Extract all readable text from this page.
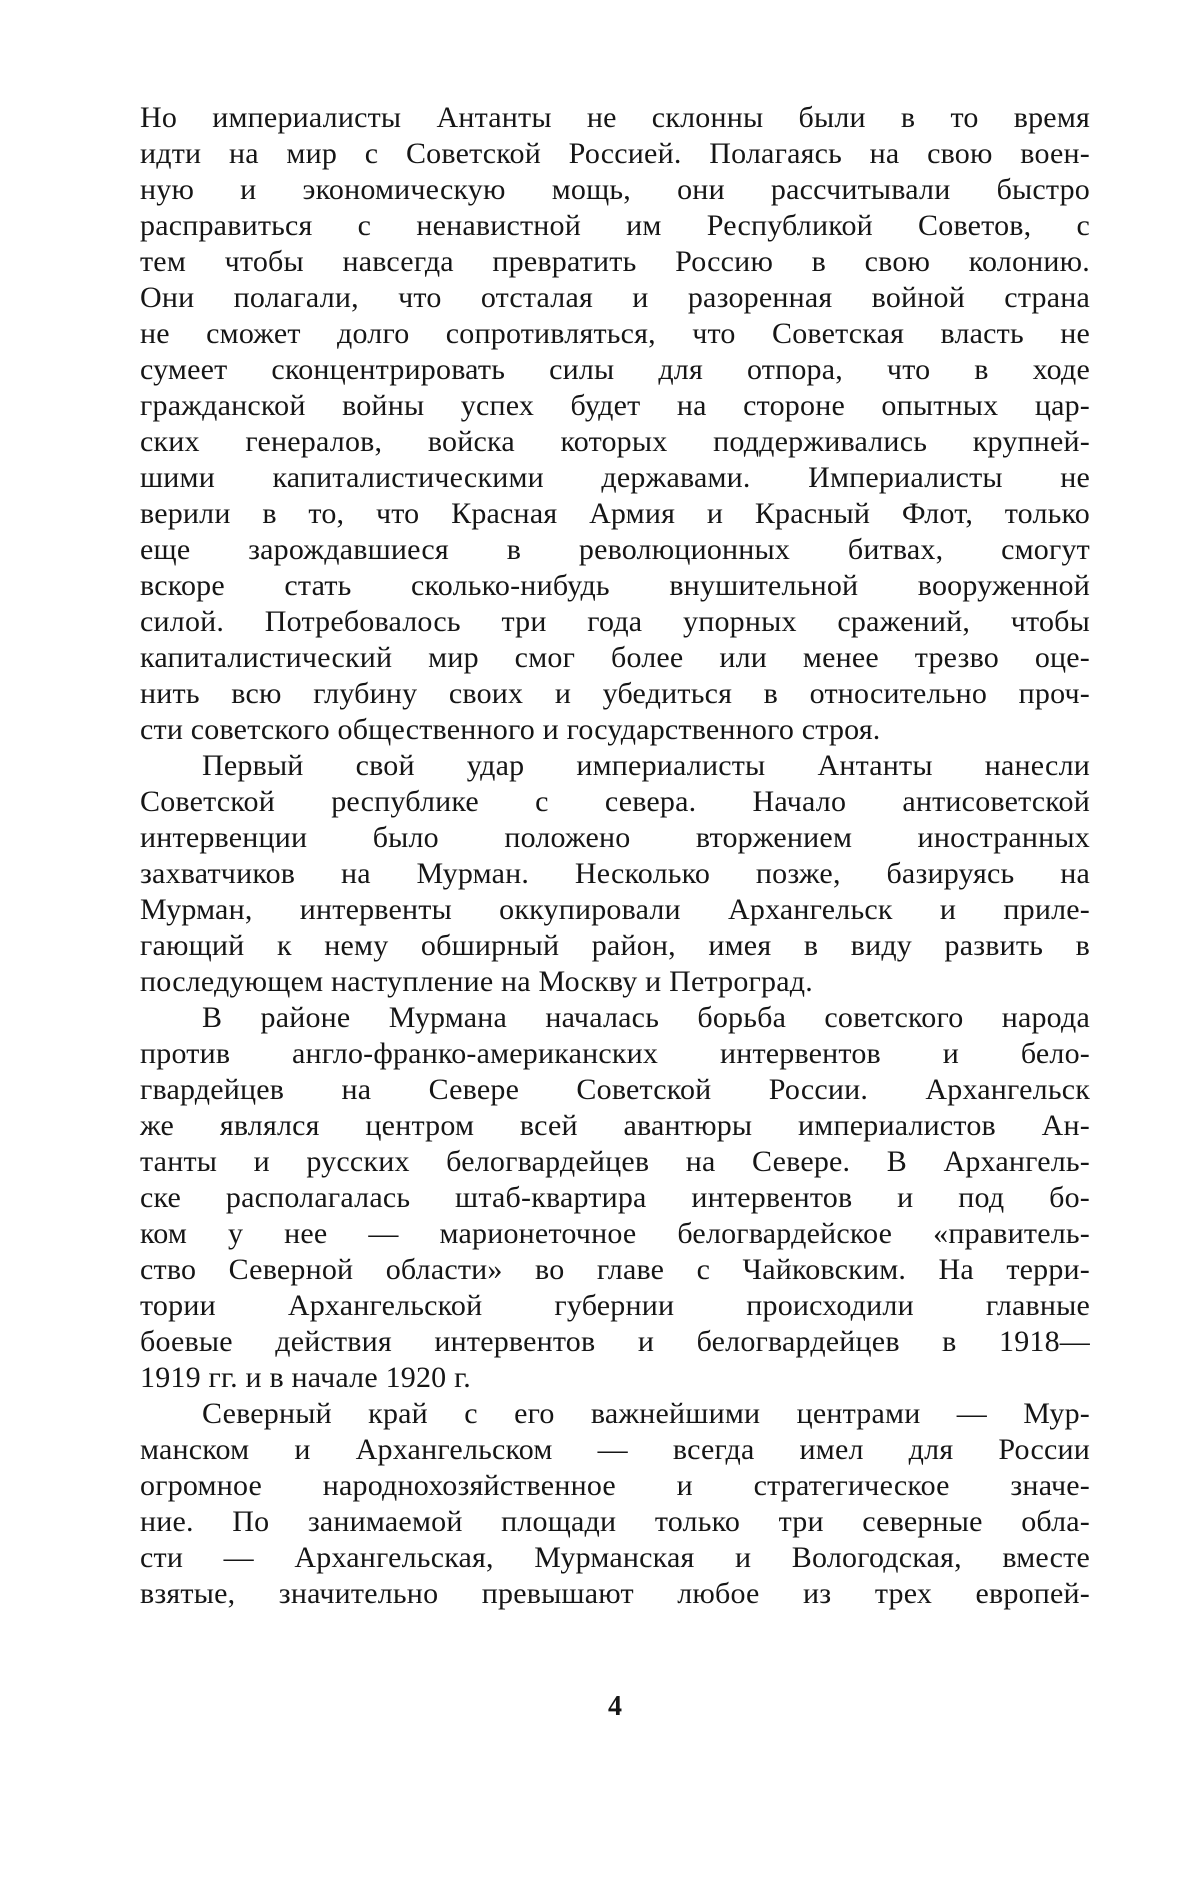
Но империалисты Антанты не склонны были в то время
идти на мир с Советской Россией. Полагаясь на свою воен-
ную и экономическую мощь, они рассчитывали быстро
расправиться с ненавистной им Республикой Советов, с
тем чтобы навсегда превратить Россию в свою колонию.
Они полагали, что отсталая и разоренная войной страна
не сможет долго сопротивляться, что Советская власть не
сумеет сконцентрировать силы для отпора, что в ходе
гражданской войны успех будет на стороне опытных цар-
ских генералов, войска которых поддерживались крупней-
шими капиталистическими державами. Империалисты не
верили в то, что Красная Армия и Красный Флот, только
еще зарождавшиеся в революционных битвах, смогут
вскоре стать сколько-нибудь внушительной вооруженной
силой. Потребовалось три года упорных сражений, чтобы
капиталистический мир смог более или менее трезво оце-
нить всю глубину своих и убедиться в относительно проч-
сти советского общественного и государственного строя.
Первый свой удар империалисты Антанты нанесли
Советской республике с севера. Начало антисоветской
интервенции было положено вторжением иностранных
захватчиков на Мурман. Несколько позже, базируясь на
Мурман, интервенты оккупировали Архангельск и приле-
гающий к нему обширный район, имея в виду развить в
последующем наступление на Москву и Петроград.
В районе Мурмана началась борьба советского народа
против англо-франко-американских интервентов и бело-
гвардейцев на Севере Советской России. Архангельск
же являлся центром всей авантюры империалистов Ан-
танты и русских белогвардейцев на Севере. В Архангель-
ске располагалась штаб-квартира интервентов и под бо-
ком у нее — марионеточное белогвардейское «правитель-
ство Северной области» во главе с Чайковским. На терри-
тории Архангельской губернии происходили главные
боевые действия интервентов и белогвардейцев в 1918—
1919 гг. и в начале 1920 г.
Северный край с его важнейшими центрами — Мур-
манском и Архангельском — всегда имел для России
огромное народнохозяйственное и стратегическое значе-
ние. По занимаемой площади только три северные обла-
сти — Архангельская, Мурманская и Вологодская, вместе
взятые, значительно превышают любое из трех европей-
4
